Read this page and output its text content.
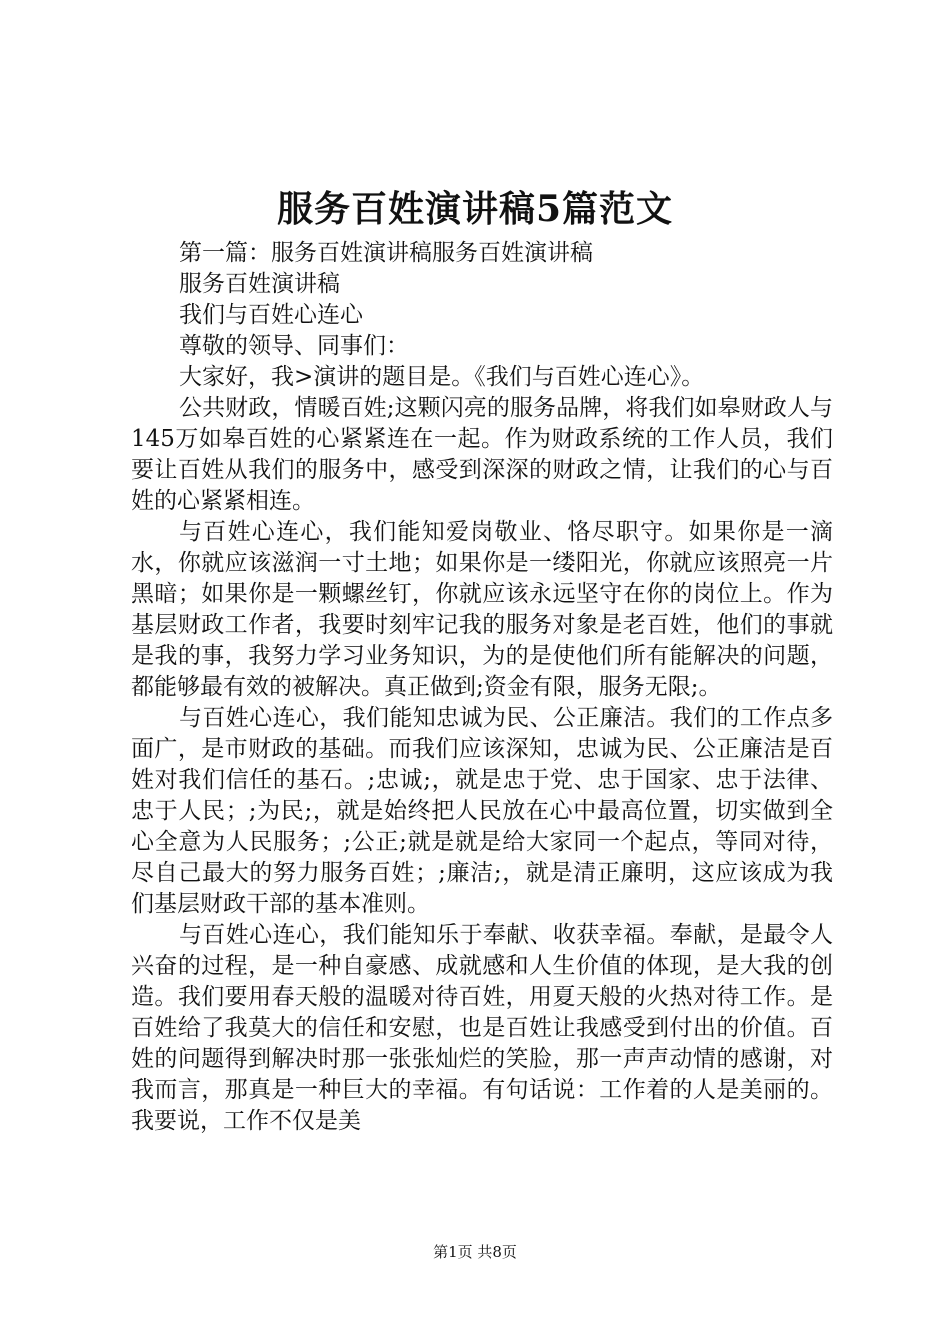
服务百姓演讲稿5篇范文

第一篇：服务百姓演讲稿服务百姓演讲稿

服务百姓演讲稿

我们与百姓心连心

尊敬的领导、同事们：

大家好，我>演讲的题目是。《我们与百姓心连心》。

公共财政，情暖百姓;这颗闪亮的服务品牌，将我们如皋财政人与145万如皋百姓的心紧紧连在一起。作为财政系统的工作人员，我们要让百姓从我们的服务中，感受到深深的财政之情，让我们的心与百姓的心紧紧相连。

与百姓心连心，我们能知爱岗敬业、恪尽职守。如果你是一滴水，你就应该滋润一寸土地；如果你是一缕阳光，你就应该照亮一片黑暗；如果你是一颗螺丝钉，你就应该永远坚守在你的岗位上。作为基层财政工作者，我要时刻牢记我的服务对象是老百姓，他们的事就是我的事，我努力学习业务知识，为的是使他们所有能解决的问题，都能够最有效的被解决。真正做到;资金有限，服务无限;。

与百姓心连心，我们能知忠诚为民、公正廉洁。我们的工作点多面广，是市财政的基础。而我们应该深知，忠诚为民、公正廉洁是百姓对我们信任的基石。;忠诚;，就是忠于党、忠于国家、忠于法律、忠于人民；;为民;，就是始终把人民放在心中最高位置，切实做到全心全意为人民服务；;公正;就是就是给大家同一个起点，等同对待，尽自己最大的努力服务百姓；;廉洁;，就是清正廉明，这应该成为我们基层财政干部的基本准则。

与百姓心连心，我们能知乐于奉献、收获幸福。奉献，是最令人兴奋的过程，是一种自豪感、成就感和人生价值的体现，是大我的创造。我们要用春天般的温暖对待百姓，用夏天般的火热对待工作。是百姓给了我莫大的信任和安慰，也是百姓让我感受到付出的价值。百姓的问题得到解决时那一张张灿烂的笑脸，那一声声动情的感谢，对我而言，那真是一种巨大的幸福。有句话说：工作着的人是美丽的。我要说，工作不仅是美

第1页 共8页
